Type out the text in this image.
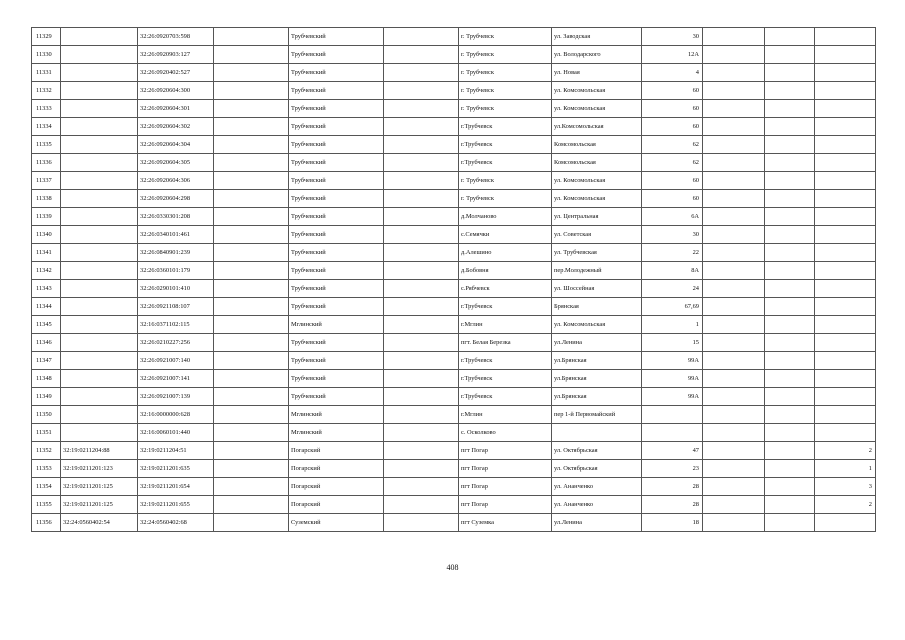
11329		32:26:0920703:598		Трубчевский		г. Трубчевск	ул. Заводская	30			
11330		32:26:0920903:127		Трубчевский		г. Трубчевск	ул. Володарского	12А			
11331		32:26:0920402:527		Трубчевский		г. Трубчевск	ул. Новая	4			
11332		32:26:0920604:300		Трубчевский		г. Трубчевск	ул. Комсомольская	60			
11333		32:26:0920604:301		Трубчевский		г. Трубчевск	ул. Комсомольская	60			
11334		32:26:0920604:302		Трубчевский		г.Трубчевск	ул.Комсомольская	60			
11335		32:26:0920604:304		Трубчевский		г.Трубчевск	Комсомольская	62			
11336		32:26:0920604:305		Трубчевский		г.Трубчевск	Комсомольская	62			
11337		32:26:0920604:306		Трубчевский		г. Трубчевск	ул. Комсомольская	60			
11338		32:26:0920604:298		Трубчевский		г. Трубчевск	ул. Комсомольская	60			
11339		32:26:0330301:208		Трубчевский		д.Молчаново	ул. Центральная	6А			
11340		32:26:0340101:461		Трубчевский		с.Семячки	ул. Советская	30			
11341		32:26:0840901:239		Трубчевский		д.Алешино	ул. Трубчевская	22			
11342		32:26:0360101:179		Трубчевский		д.Бобовня	пер.Молодежный	8А			
11343		32:26:0290101:410		Трубчевский		с.Рябчевск	ул. Шоссейная	24			
11344		32:26:0921108:107		Трубчевский		г.Трубчевск	Брянская	67,69			
11345		32:16:0371102:115		Мглинский		г.Мглин	ул. Комсомольская	1			
11346		32:26:0210227:256		Трубчевский		пгт. Белая Березка	ул.Ленина	15			
11347		32:26:0921007:140		Трубчевский		г.Трубчевск	ул.Брянская	99А			
11348		32:26:0921007:141		Трубчевский		г.Трубчевск	ул.Брянская	99А			
11349		32:26:0921007:139		Трубчевский		г.Трубчевск	ул.Брянская	99А			
11350		32:16:0000000:628		Мглинский		г.Мглин	пер 1-й Первомайский				
11351		32:16:0060101:440		Мглинский		с. Осколково					
11352	32:19:0211204:88	32:19:0211204:51		Погарский		пгт Погар	ул. Октябрьская	47			2
11353	32:19:0211201:123	32:19:0211201:635		Погарский		пгт Погар	ул. Октябрьская	23			1
11354	32:19:0211201:125	32:19:0211201:654		Погарский		пгт Погар	ул. Ананченко	28			3
11355	32:19:0211201:125	32:19:0211201:655		Погарский		пгт Погар	ул. Ананченко	28			2
11356	32:24:0560402:54	32:24:0560402:68		Суземский		пгт Суземка	ул.Ленина	18			
408
